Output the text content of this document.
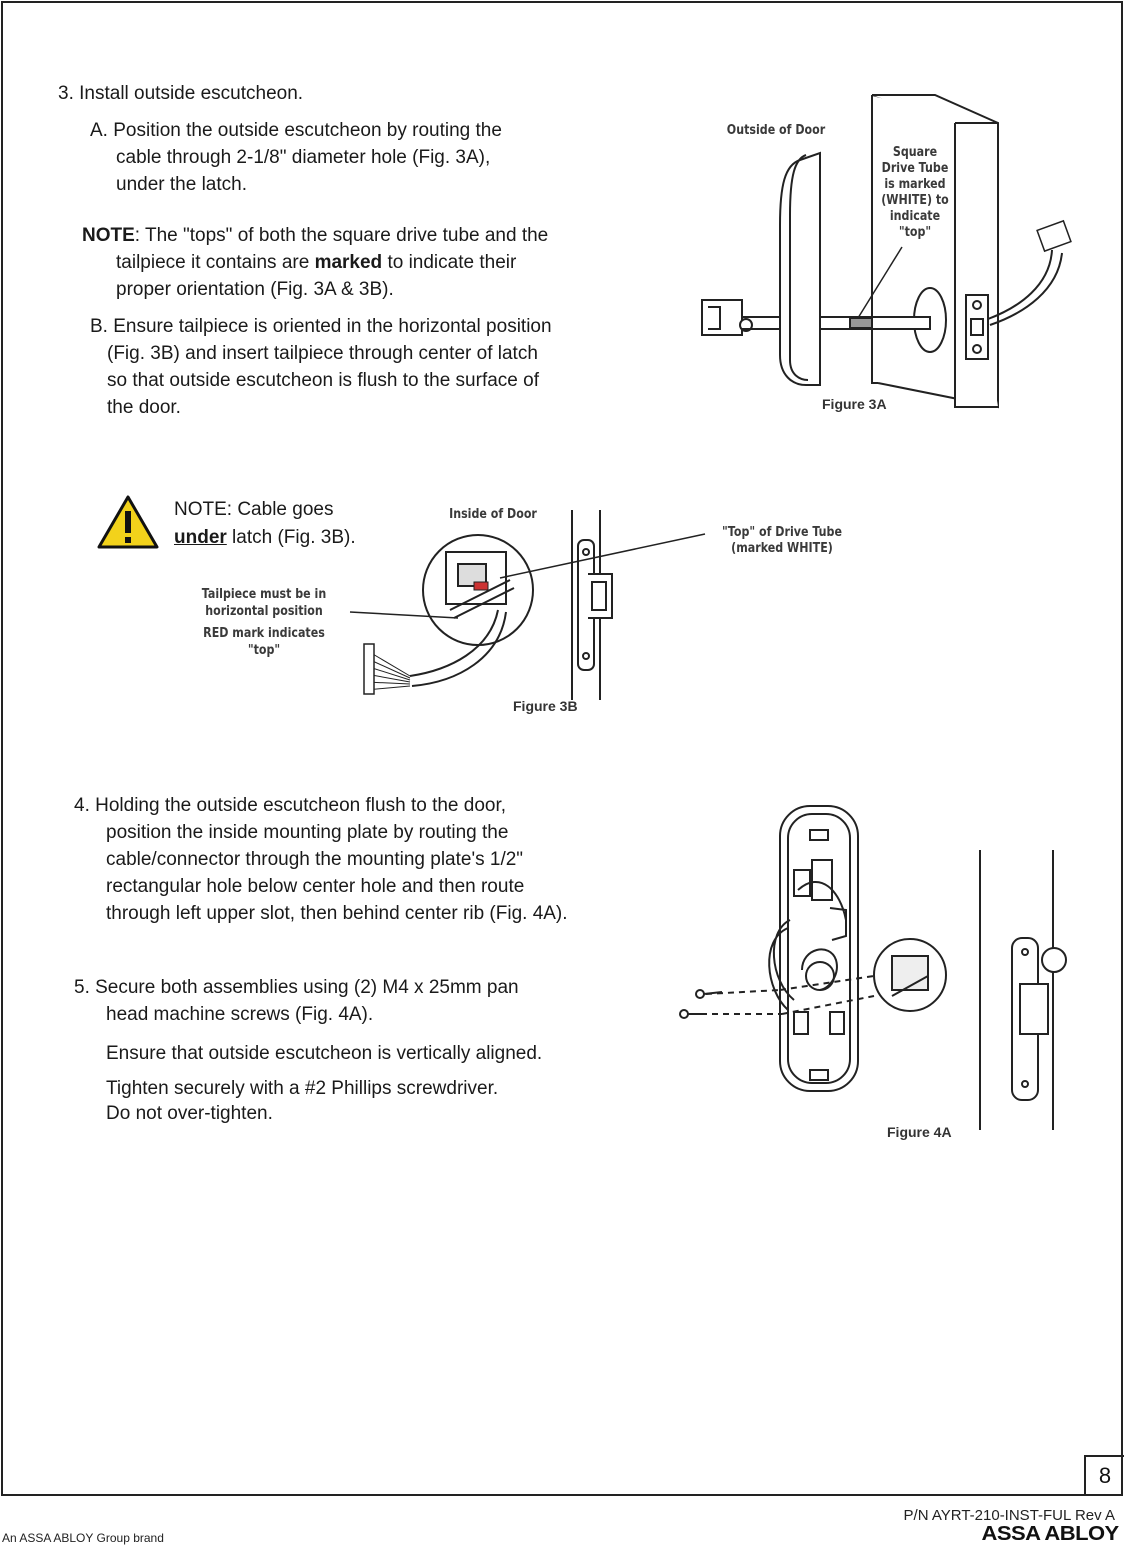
3. Install outside escutcheon.
A. Position the outside escutcheon by routing the
cable through 2-1/8" diameter hole (Fig. 3A),
under the latch.
NOTE: The "tops" of both the square drive tube and the
tailpiece it contains are marked to indicate their
proper orientation (Fig. 3A & 3B).
B. Ensure tailpiece is oriented in the horizontal position
(Fig. 3B) and insert tailpiece through center of latch
so that outside escutcheon is flush to the surface of
the door.
Outside of Door
Square
Drive Tube
is marked
(WHITE) to
indicate
"top"
Figure 3A
NOTE: Cable goes
under latch (Fig. 3B).
Inside of Door
"Top" of Drive Tube
(marked WHITE)
Tailpiece must be in
horizontal position
RED mark indicates
"top"
Figure 3B
4. Holding the outside escutcheon flush to the door,
position the inside mounting plate by routing the
cable/connector through the mounting plate's 1/2"
rectangular hole below center hole and then route
through left upper slot, then behind center rib (Fig. 4A).
5. Secure both assemblies using (2) M4 x 25mm pan
head machine screws (Fig. 4A).
Ensure that outside escutcheon is vertically aligned.
Tighten securely with a #2 Phillips screwdriver.
Do not over-tighten.
Figure 4A
8
P/N AYRT-210-INST-FUL Rev A
An ASSA ABLOY Group brand	ASSA ABLOY
